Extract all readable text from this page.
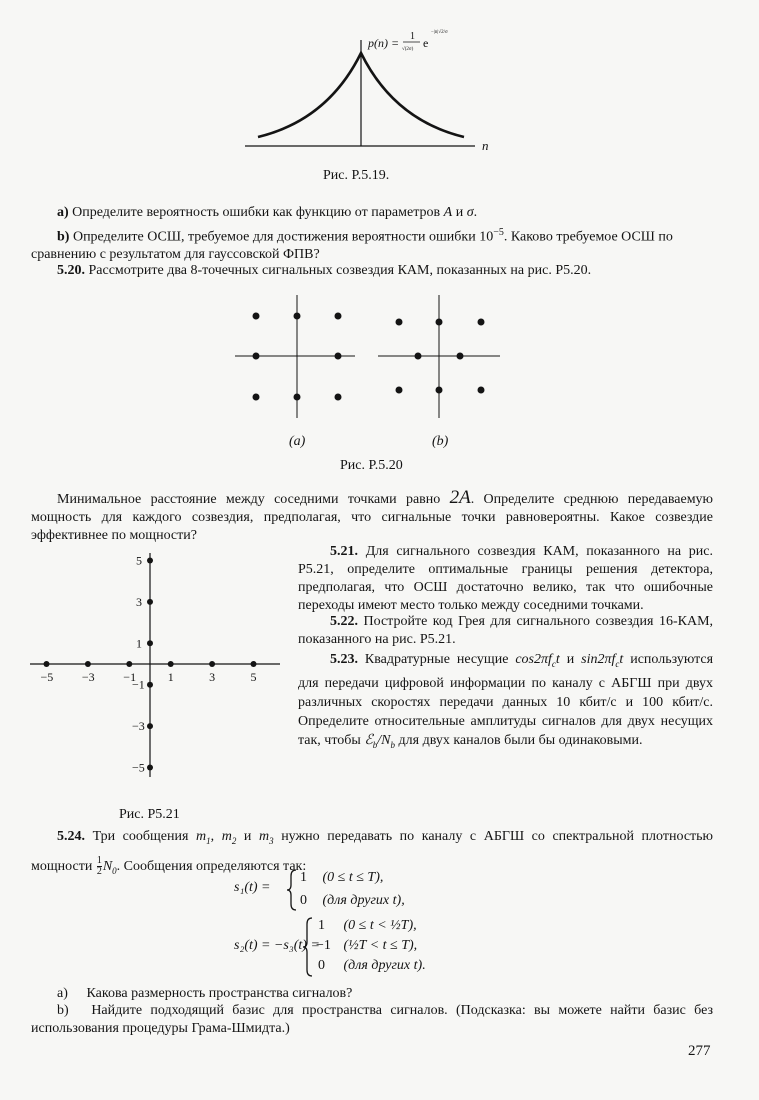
p(n) = 1
√(2σ) e
−|n|√2/σ
n
Рис. P.5.19.
a) Определите вероятность ошибки как функцию от параметров A и σ.
b) Определите ОСШ, требуемое для достижения вероятности ошибки $10^{-5}$. Каково требуемое ОСШ по
сравнению с результатом для гауссовской ФПВ?
5.20. Рассмотрите два 8-точечных сигнальных созвездия КАМ, показанных на рис. P5.20.
(a)	(b)
Рис. P.5.20
Минимальное расстояние между соседними точками равно 2A. Определите среднюю передаваемую мощность для каждого созвездия, предполагая, что сигнальные точки равновероятны. Какое созвездие эффективнее по мощности?
−5 −3 −1	1	3	5
5
3
1
−1
−3
−5
Рис. P5.21
5.21. Для сигнального созвездия КАМ, показанного на рис. P5.21, определите оптимальные границы решения детектора, предполагая, что ОСШ достаточно велико, так что ошибочные переходы имеют место только между соседними точками.
5.22. Постройте код Грея для сигнального созвездия 16-КАМ, показанного на рис. P5.21.
5.23. Квадратурные несущие $\cos 2\pi f_ct$ и $\sin 2\pi f_ct$ используются для передачи цифровой информации по каналу с АБГШ при двух различных скоростях передачи данных 10 кбит/с и 100 кбит/с. Определите относительные амплитуды сигналов для двух несущих так, чтобы $ℰ_b/N_b$ для двух каналов были бы одинаковыми.
5.24. Три сообщения $m_1$, $m_2$ и $m_3$ нужно передавать по каналу с АБГШ со спектральной плотностью мощности $\frac{1}{2} N_0$. Сообщения определяются так:
s₁(t) =
1 (0 ≤ t ≤ T),
0 (для других t),
s₂(t) = −s₃(t) =
1 (0 ≤ t < ½T),
−1 (½T < t ≤ T),
0 (для других t).
a) Какова размерность пространства сигналов?
b) Найдите подходящий базис для пространства сигналов. (Подсказка: вы можете найти базис без использования процедуры Грама-Шмидта.)
277
